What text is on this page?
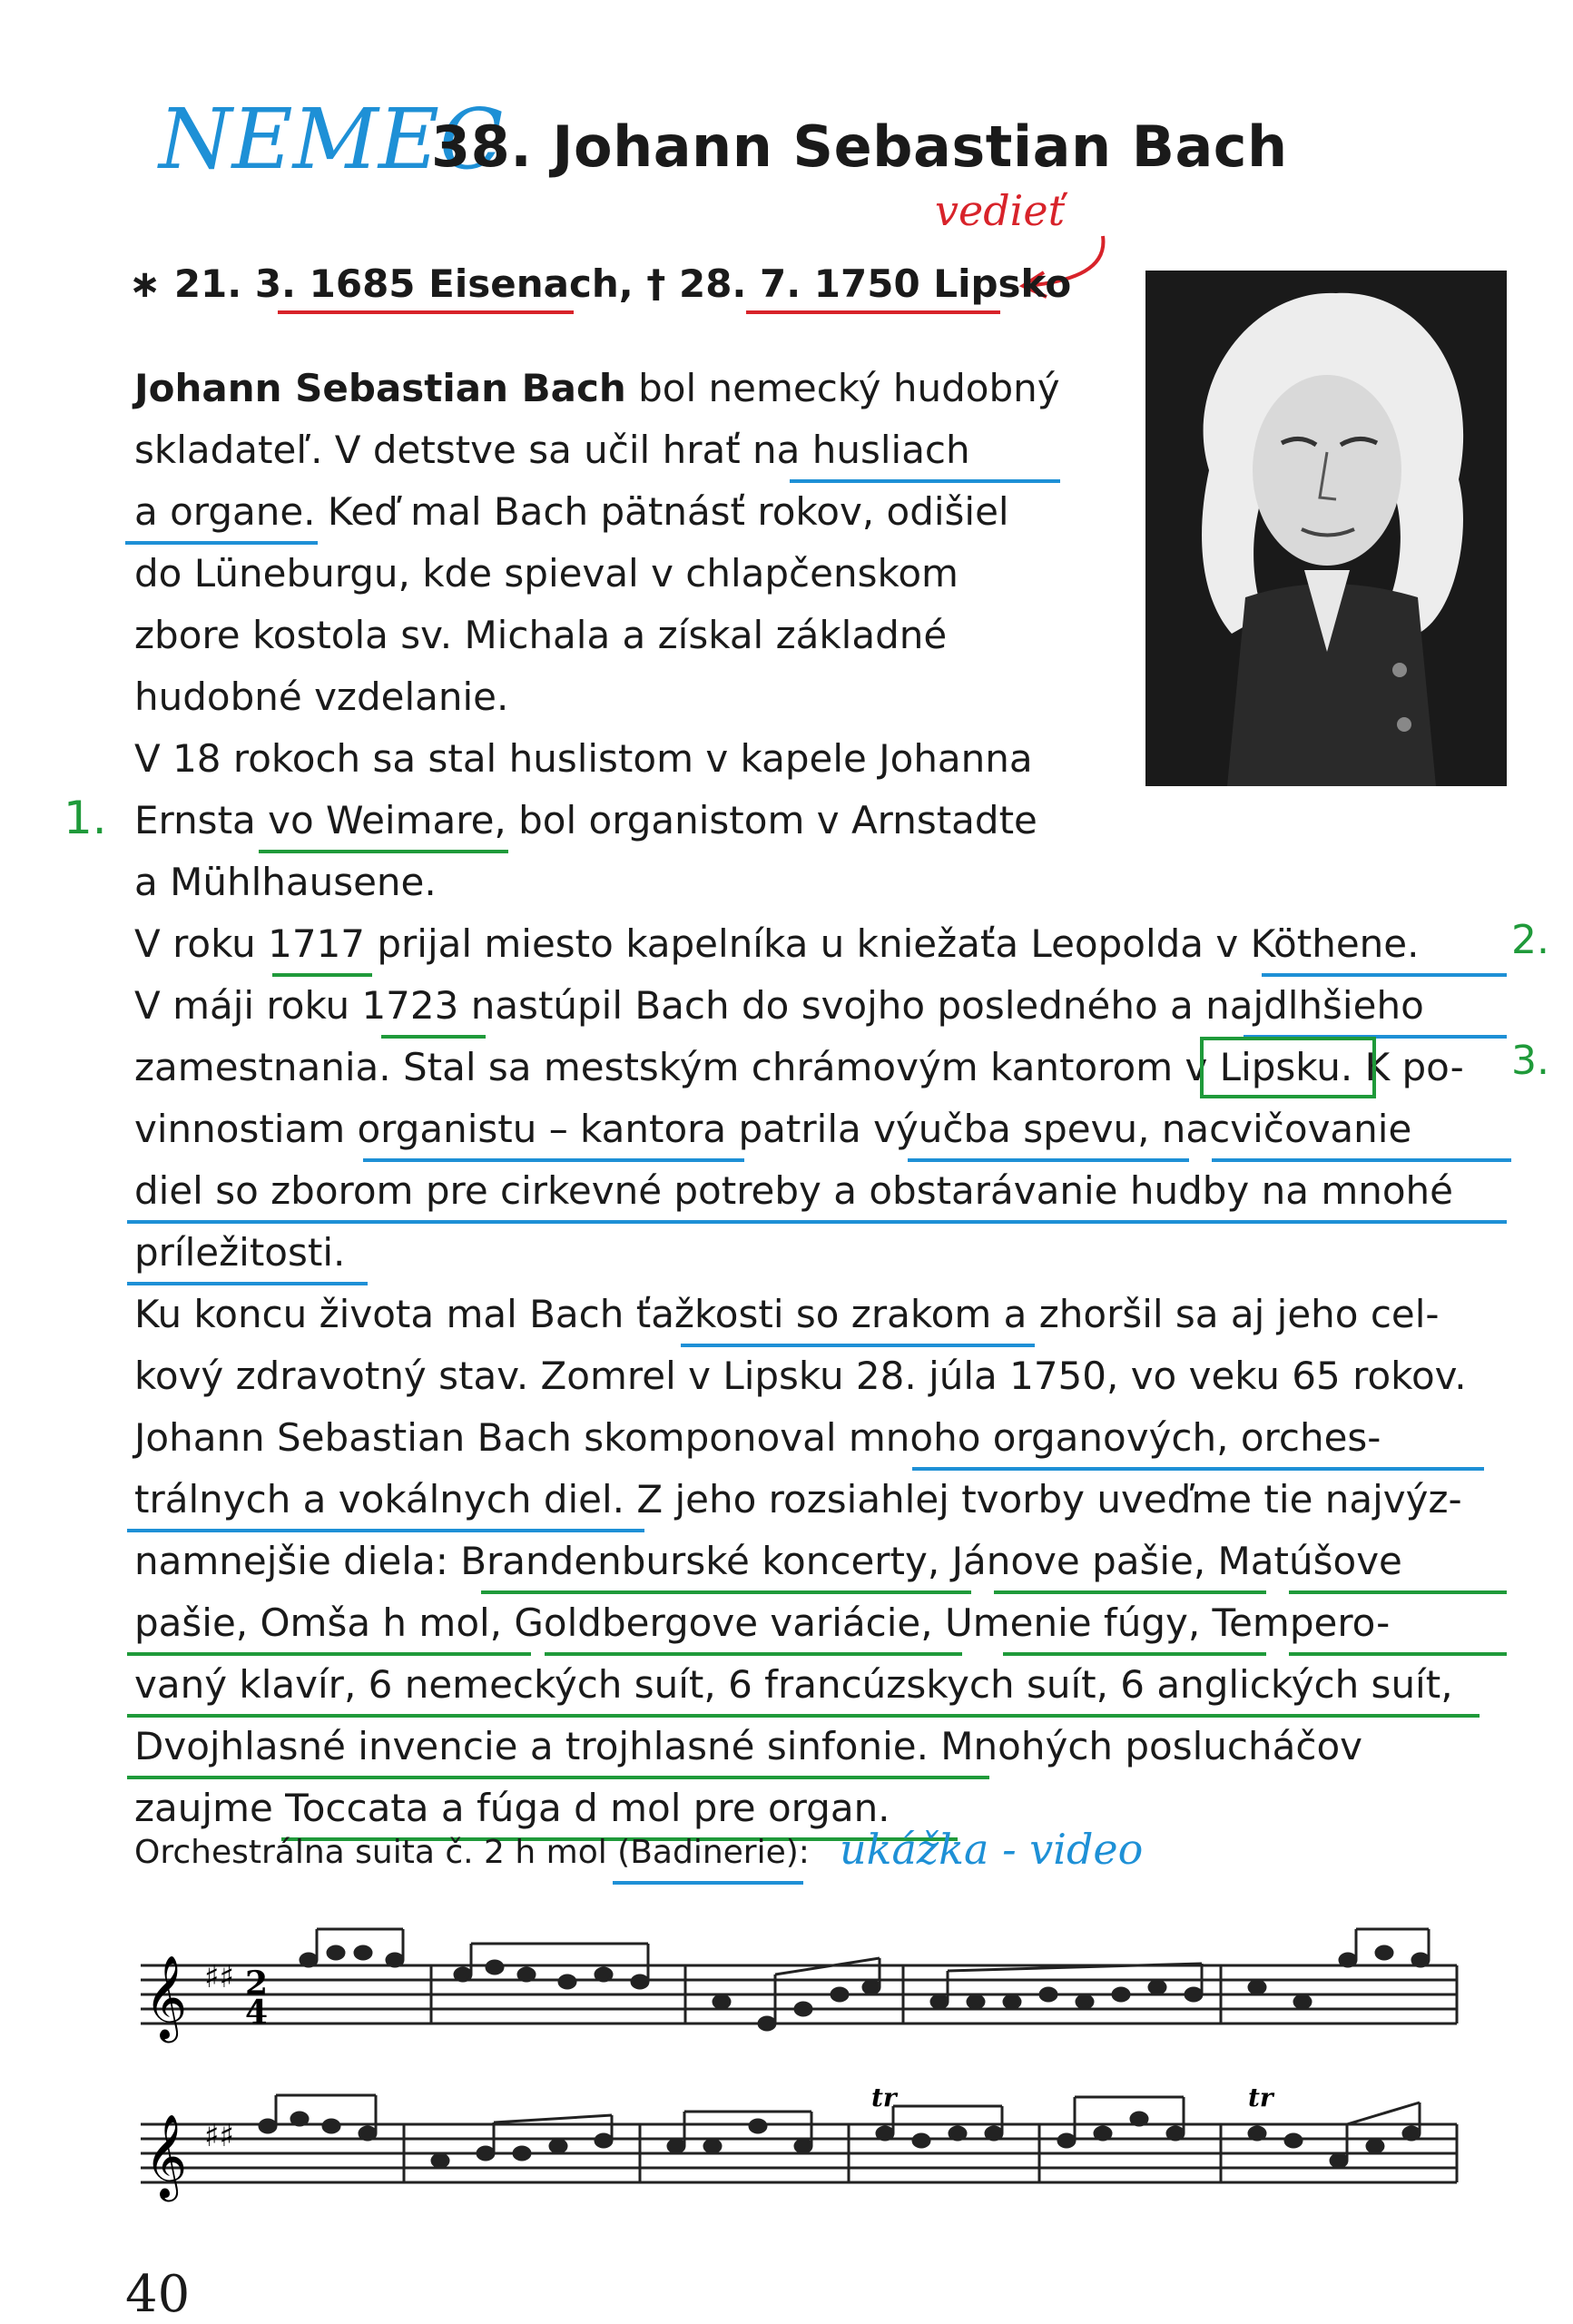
NEMEC
vedieť
38. Johann Sebastian Bach
∗ 21. 3. 1685 Eisenach, † 28. 7. 1750 Lipsko
Johann Sebastian Bach bol nemecký hudobný
skladateľ. V detstve sa učil hrať na husliach
a organe. Keď mal Bach pätnásť rokov, odišiel
do Lüneburgu, kde spieval v chlapčenskom
zbore kostola sv. Michala a získal základné
hudobné vzdelanie.
V 18 rokoch sa stal huslistom v kapele Johanna
Ernsta vo Weimare, bol organistom v Arnstadte
a Mühlhausene.
V roku 1717 prijal miesto kapelníka u kniežaťa Leopolda v Köthene.
V máji roku 1723 nastúpil Bach do svojho posledného a najdlhšieho
zamestnania. Stal sa mestským chrámovým kantorom v Lipsku. K po-
vinnostiam organistu – kantora patrila výučba spevu, nacvičovanie
diel so zborom pre cirkevné potreby a obstarávanie hudby na mnohé
príležitosti.
Ku koncu života mal Bach ťažkosti so zrakom a zhoršil sa aj jeho cel-
kový zdravotný stav. Zomrel v Lipsku 28. júla 1750, vo veku 65 rokov.
Johann Sebastian Bach skomponoval mnoho organových, orches-
trálnych a vokálnych diel. Z jeho rozsiahlej tvorby uveďme tie najvýz-
namnejšie diela: Brandenburské koncerty, Jánove pašie, Matúšove
pašie, Omša h mol, Goldbergove variácie, Umenie fúgy, Tempero-
vaný klavír, 6 nemeckých suít, 6 francúzskych suít, 6 anglických suít,
Dvojhlasné invencie a trojhlasné sinfonie. Mnohých poslucháčov
zaujme Toccata a fúga d mol pre organ.
1.
2.
3.
Orchestrálna suita č. 2 h mol (Badinerie): ukážka - video
𝄞 ♯♯ 2
4
𝄞 ♯♯
tr	tr
40
